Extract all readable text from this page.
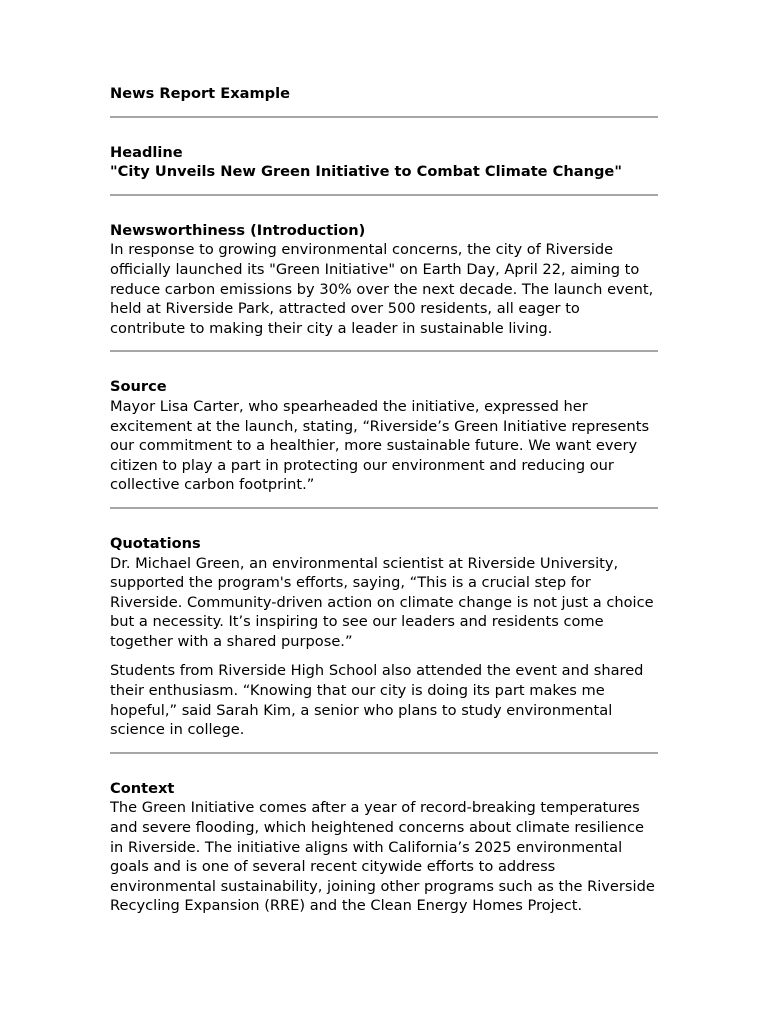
News Report Example

Headline

"City Unveils New Green Initiative to Combat Climate Change"

Newsworthiness (Introduction)

In response to growing environmental concerns, the city of Riverside officially launched its "Green Initiative" on Earth Day, April 22, aiming to reduce carbon emissions by 30% over the next decade. The launch event, held at Riverside Park, attracted over 500 residents, all eager to contribute to making their city a leader in sustainable living.

Source

Mayor Lisa Carter, who spearheaded the initiative, expressed her excitement at the launch, stating, “Riverside’s Green Initiative represents our commitment to a healthier, more sustainable future. We want every citizen to play a part in protecting our environment and reducing our collective carbon footprint.”

Quotations

Dr. Michael Green, an environmental scientist at Riverside University, supported the program's efforts, saying, “This is a crucial step for Riverside. Community-driven action on climate change is not just a choice but a necessity. It’s inspiring to see our leaders and residents come together with a shared purpose.”

Students from Riverside High School also attended the event and shared their enthusiasm. “Knowing that our city is doing its part makes me hopeful,” said Sarah Kim, a senior who plans to study environmental science in college.

Context

The Green Initiative comes after a year of record-breaking temperatures and severe flooding, which heightened concerns about climate resilience in Riverside. The initiative aligns with California’s 2025 environmental goals and is one of several recent citywide efforts to address environmental sustainability, joining other programs such as the Riverside Recycling Expansion (RRE) and the Clean Energy Homes Project.
